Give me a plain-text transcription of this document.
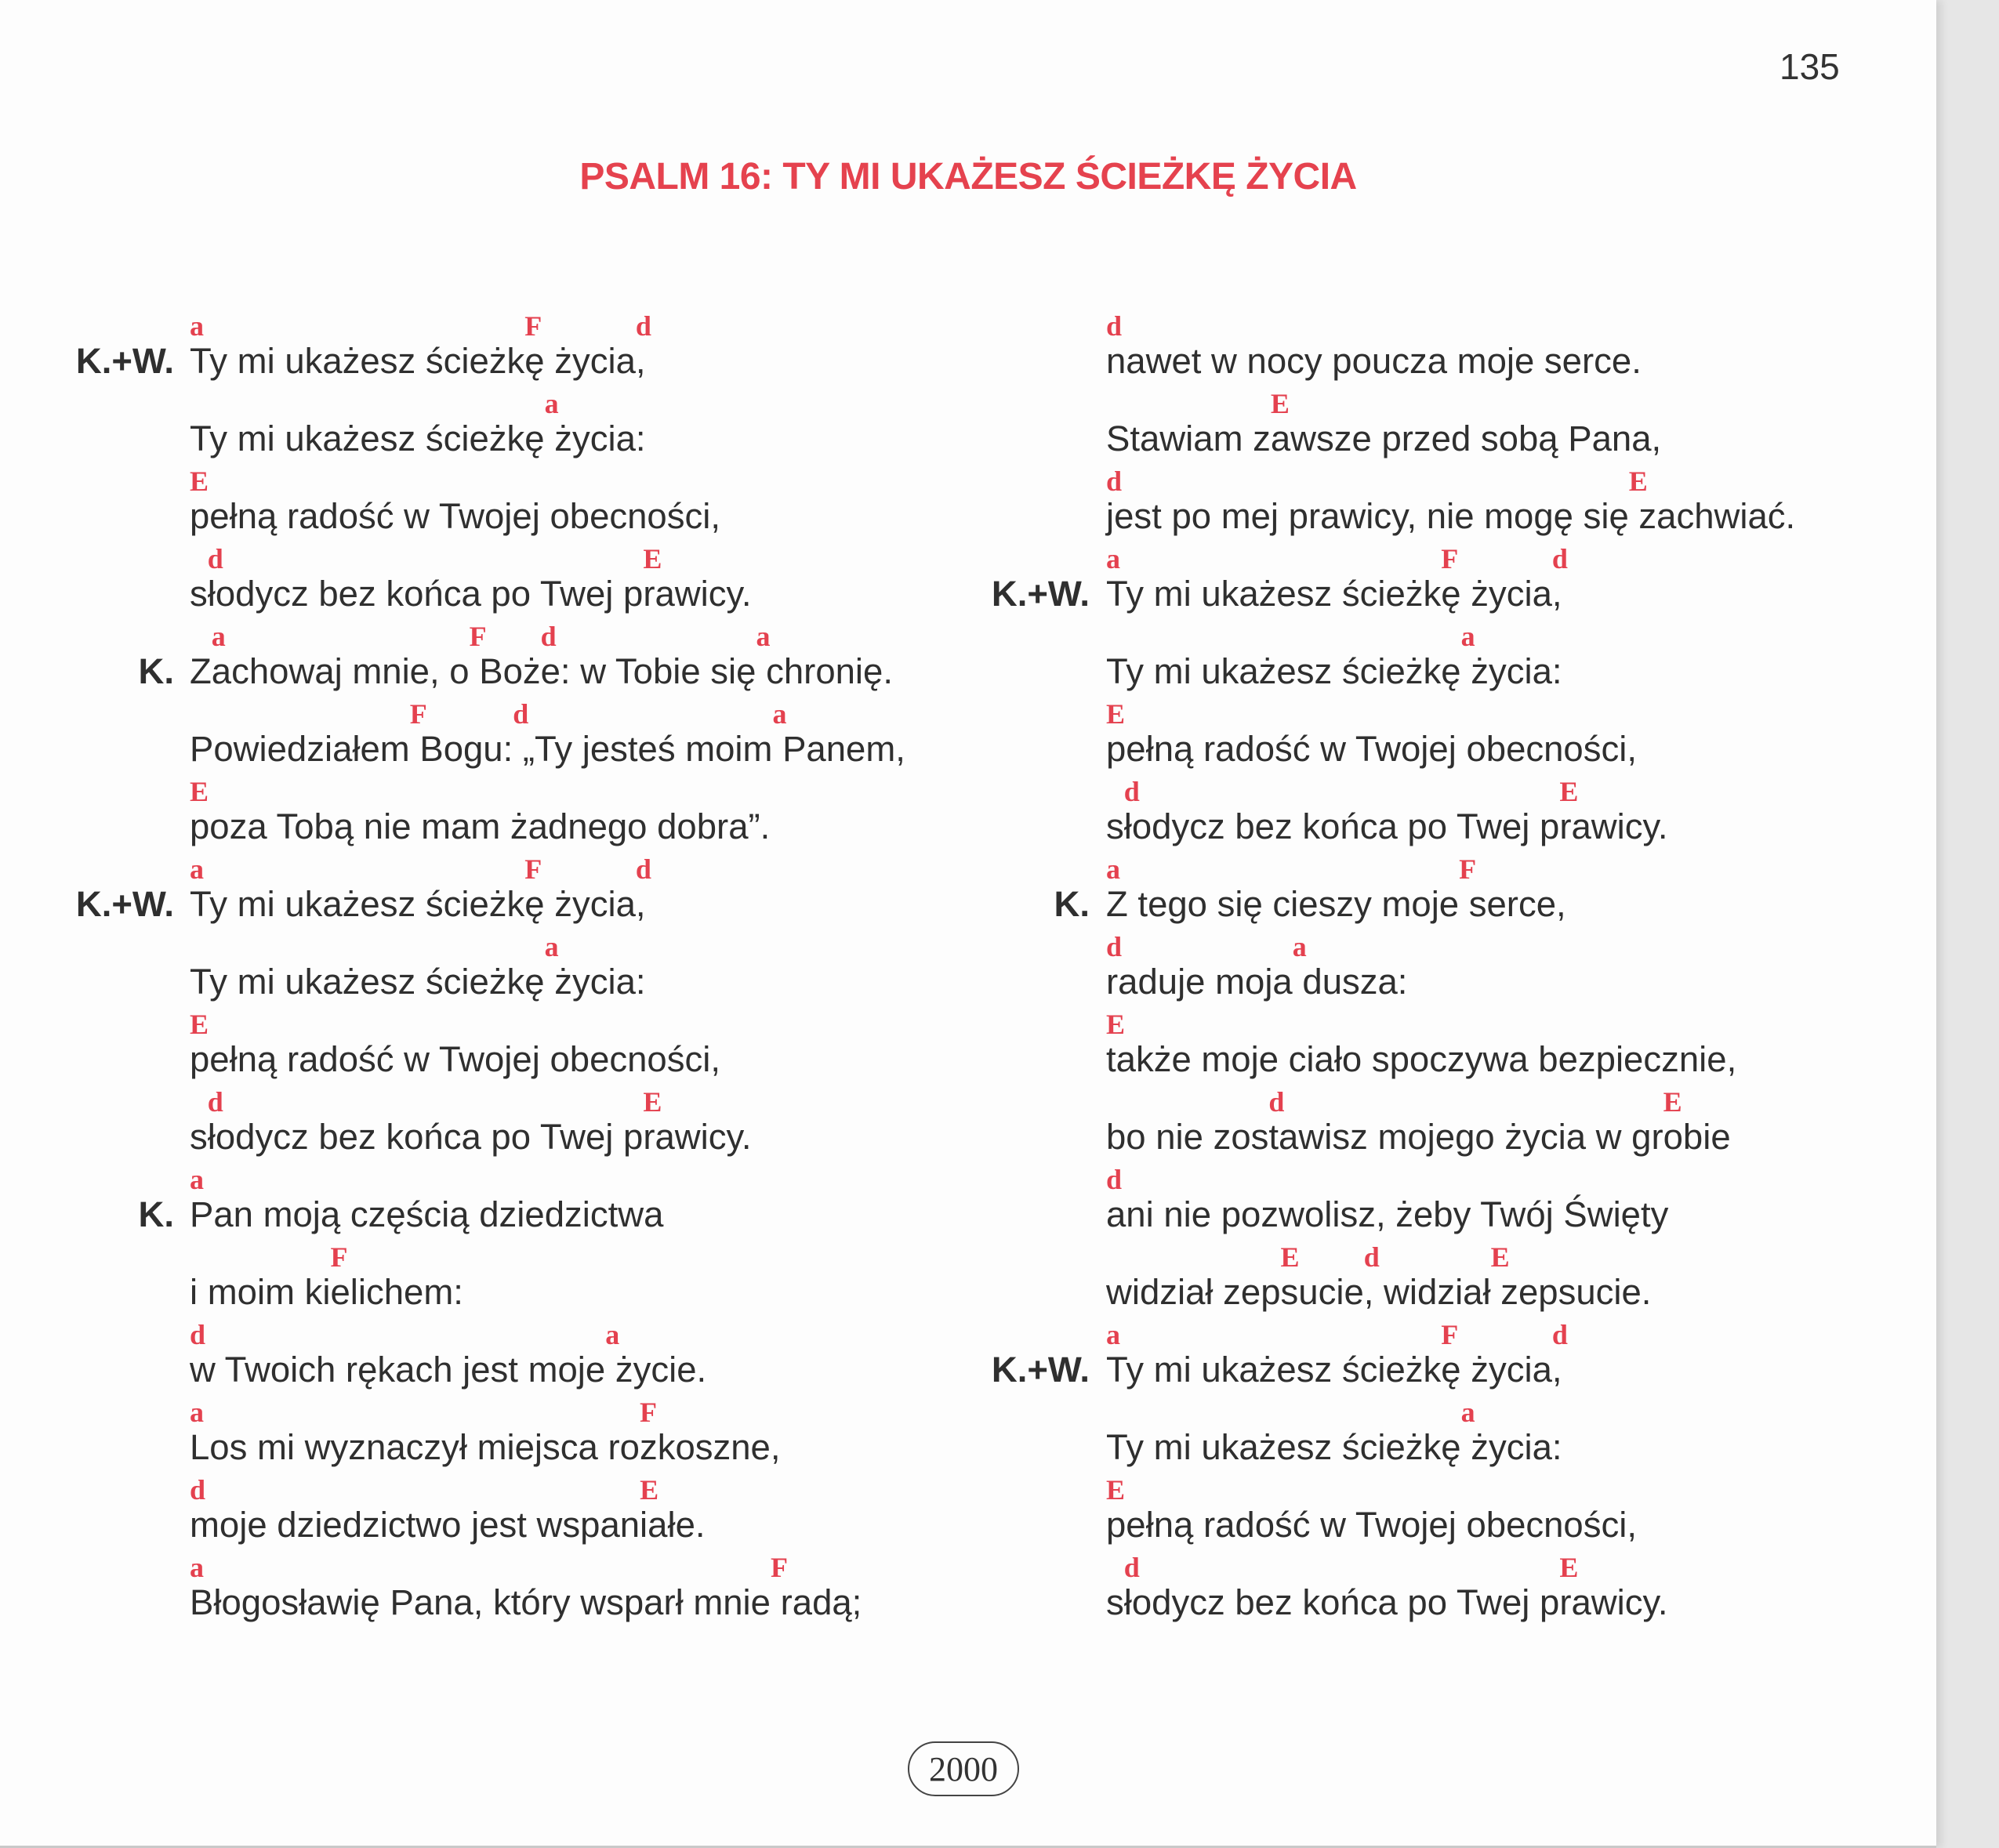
135
PSALM 16: TY MI UKAŻESZ ŚCIEŻKĘ ŻYCIA
a	F	d
K.+W. Ty mi ukażesz ścieżkę życia,
a
Ty mi ukażesz ścieżkę życia:
E
pełną radość w Twojej obecności,
d	E
słodycz bez końca po Twej prawicy.
a	F d	a
K. Zachowaj mnie, o Boże: w Tobie się chronię.
F	d	a
Powiedziałem Bogu: „Ty jesteś moim Panem,
E
poza Tobą nie mam żadnego dobra”.
a	F	d
K.+W. Ty mi ukażesz ścieżkę życia,
a
Ty mi ukażesz ścieżkę życia:
E
pełną radość w Twojej obecności,
d	E
słodycz bez końca po Twej prawicy.
a
K. Pan moją częścią dziedzictwa
F
i moim kielichem:
d	a
w Twoich rękach jest moje życie.
a	F
Los mi wyznaczył miejsca rozkoszne,
d	E
moje dziedzictwo jest wspaniałe.
a	F
Błogosławię Pana, który wsparł mnie radą;
d
nawet w nocy poucza moje serce.
E
Stawiam zawsze przed sobą Pana,
d	E
jest po mej prawicy, nie mogę się zachwiać.
a	F	d
K.+W. Ty mi ukażesz ścieżkę życia,
a
Ty mi ukażesz ścieżkę życia:
E
pełną radość w Twojej obecności,
d	E
słodycz bez końca po Twej prawicy.
a	F
K. Z tego się cieszy moje serce,
d	a
raduje moja dusza:
E
także moje ciało spoczywa bezpiecznie,
d	E
bo nie zostawisz mojego życia w grobie
d
ani nie pozwolisz, żeby Twój Święty
E d	E
widział zepsucie, widział zepsucie.
a	F	d
K.+W. Ty mi ukażesz ścieżkę życia,
a
Ty mi ukażesz ścieżkę życia:
E
pełną radość w Twojej obecności,
d	E
słodycz bez końca po Twej prawicy.
2000
